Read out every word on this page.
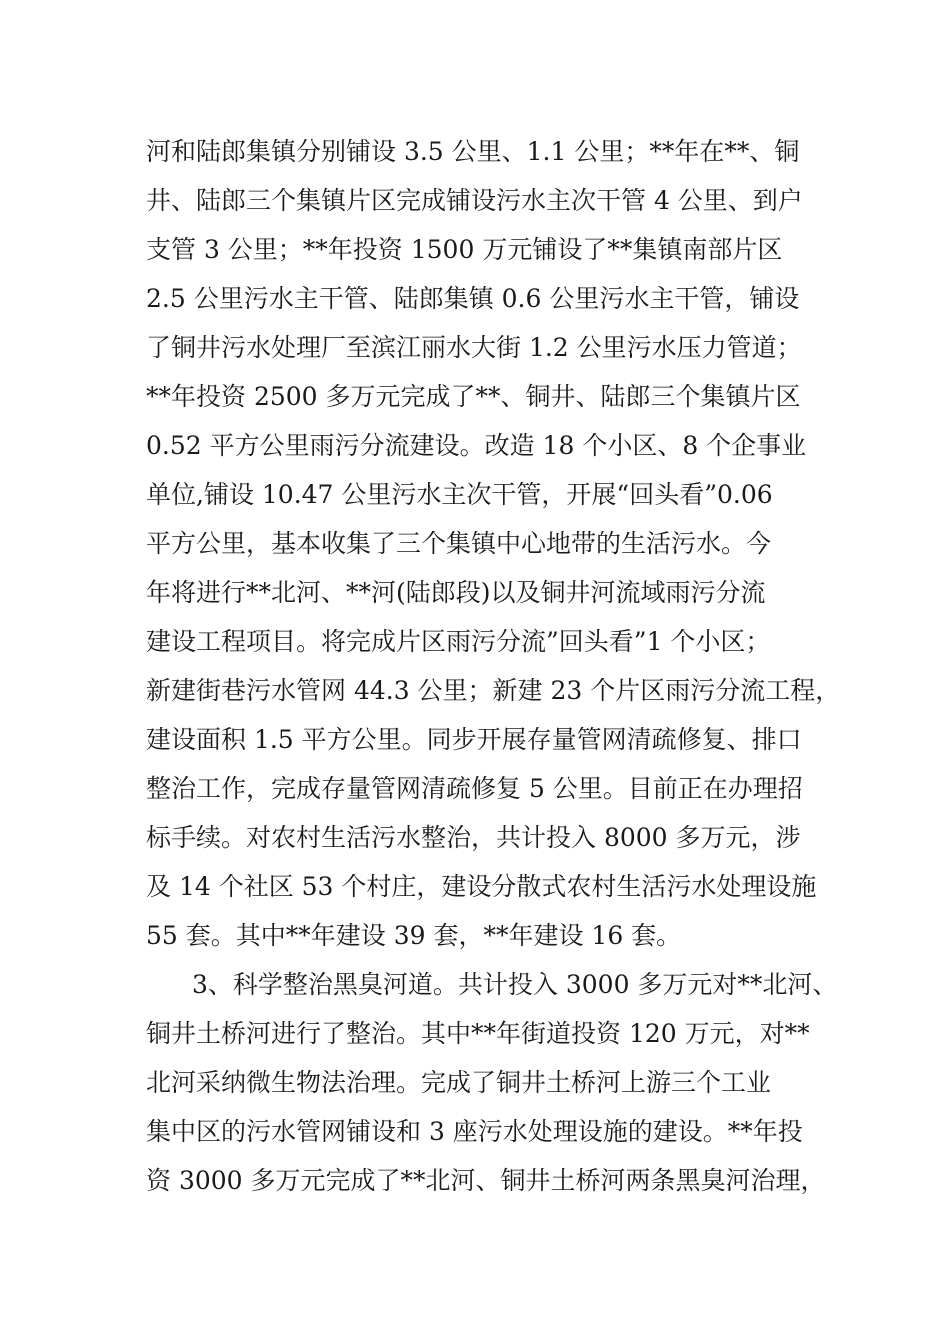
河和陆郎集镇分别铺设 3.5 公里、1.1 公里；**年在**、铜
井、陆郎三个集镇片区完成铺设污水主次干管 4 公里、到户
支管 3 公里；**年投资 1500 万元铺设了**集镇南部片区
2.5 公里污水主干管、陆郎集镇 0.6 公里污水主干管，铺设
了铜井污水处理厂至滨江丽水大街 1.2 公里污水压力管道；
**年投资 2500 多万元完成了**、铜井、陆郎三个集镇片区
0.52 平方公里雨污分流建设。改造 18 个小区、8 个企事业
单位,铺设 10.47 公里污水主次干管，开展“回头看”0.06
平方公里，基本收集了三个集镇中心地带的生活污水。今
年将进行**北河、**河(陆郎段)以及铜井河流域雨污分流
建设工程项目。将完成片区雨污分流”回头看”1 个小区；
新建街巷污水管网 44.3 公里；新建 23 个片区雨污分流工程，
建设面积 1.5 平方公里。同步开展存量管网清疏修复、排口
整治工作，完成存量管网清疏修复 5 公里。目前正在办理招
标手续。对农村生活污水整治，共计投入 8000 多万元，涉
及 14 个社区 53 个村庄，建设分散式农村生活污水处理设施
55 套。其中**年建设 39 套，**年建设 16 套。
3、科学整治黑臭河道。共计投入 3000 多万元对**北河、
铜井土桥河进行了整治。其中**年街道投资 120 万元，对**
北河采纳微生物法治理。完成了铜井土桥河上游三个工业
集中区的污水管网铺设和 3 座污水处理设施的建设。**年投
资 3000 多万元完成了**北河、铜井土桥河两条黑臭河治理，
